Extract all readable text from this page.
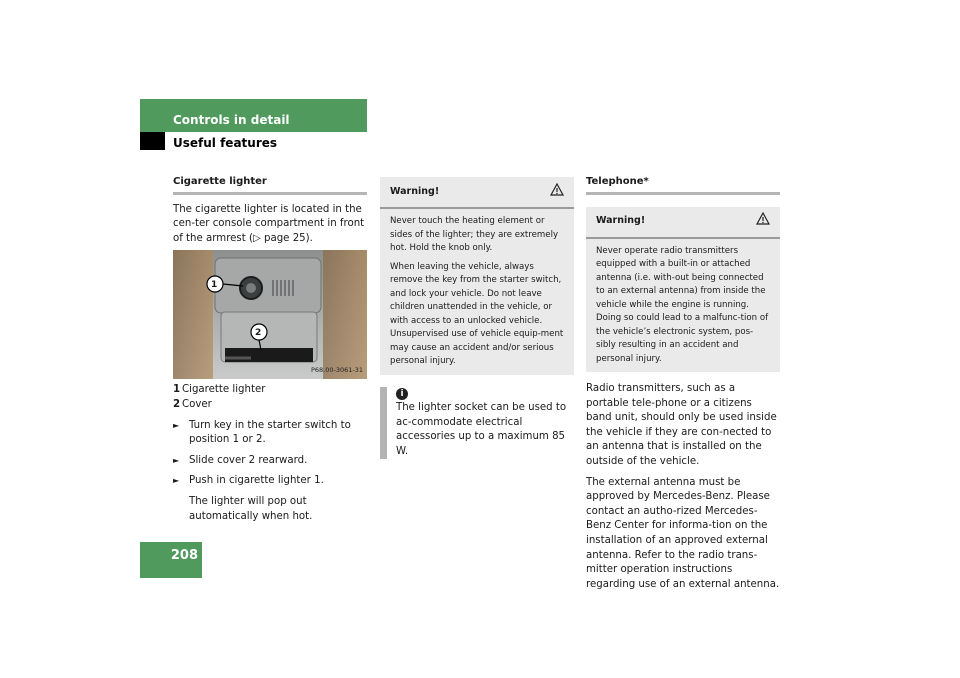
Controls in detail
Useful features
Cigarette lighter

The cigarette lighter is located in the cen-ter console compartment in front of the armrest (▷ page 25).

1
2
P68.00-3061-31
1 Cigarette lighter
2 Cover
► Turn key in the starter switch to position 1 or 2.
► Slide cover 2 rearward.
► Push in cigarette lighter 1.
The lighter will pop out automatically when hot.
Warning!

Never touch the heating element or sides of the lighter; they are extremely hot. Hold the knob only.

When leaving the vehicle, always remove the key from the starter switch, and lock your vehicle. Do not leave children unattended in the vehicle, or with access to an unlocked vehicle. Unsupervised use of vehicle equip-ment may cause an accident and/or serious personal injury.

i

The lighter socket can be used to ac-commodate electrical accessories up to a maximum 85 W.

Telephone*
Warning!

Never operate radio transmitters equipped with a built-in or attached antenna (i.e. with-out being connected to an external antenna) from inside the vehicle while the engine is running. Doing so could lead to a malfunc-tion of the vehicle’s electronic system, pos-sibly resulting in an accident and personal injury.

Radio transmitters, such as a portable tele-phone or a citizens band unit, should only be used inside the vehicle if they are con-nected to an antenna that is installed on the outside of the vehicle.

The external antenna must be approved by Mercedes-Benz. Please contact an autho-rized Mercedes-Benz Center for informa-tion on the installation of an approved external antenna. Refer to the radio trans-mitter operation instructions regarding use of an external antenna.

208
